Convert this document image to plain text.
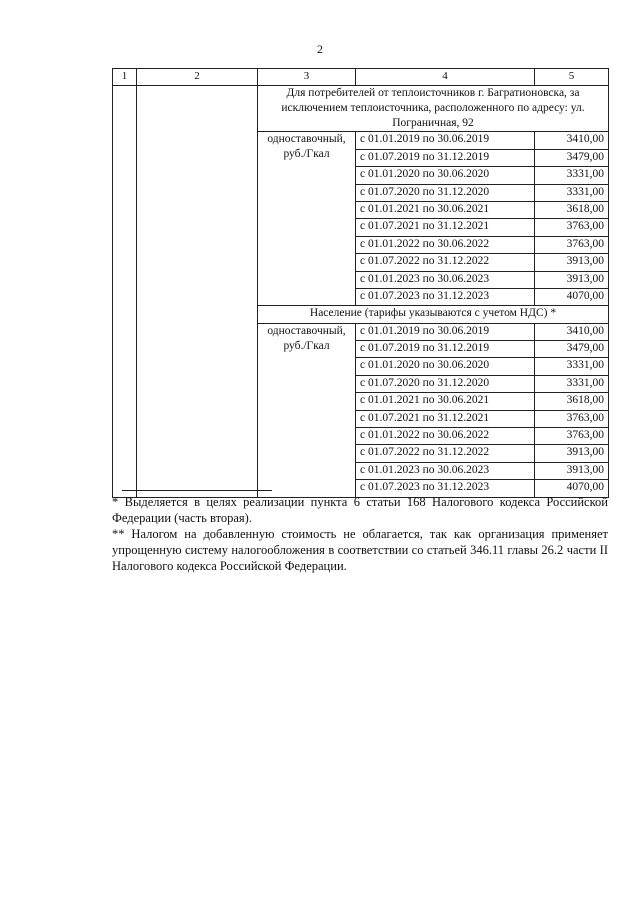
2
1	2	3	4	5
		Для потребителей от теплоисточников г. Багратионовска, за исключением теплоисточника, расположенного по адресу: ул. Пограничная, 92		
		одноставочный, руб./Гкал	с 01.01.2019 по 30.06.2019	3410,00
			с 01.07.2019 по 31.12.2019	3479,00
			с 01.01.2020 по 30.06.2020	3331,00
			с 01.07.2020 по 31.12.2020	3331,00
			с 01.01.2021 по 30.06.2021	3618,00
			с 01.07.2021 по 31.12.2021	3763,00
			с 01.01.2022 по 30.06.2022	3763,00
			с 01.07.2022 по 31.12.2022	3913,00
			с 01.01.2023 по 30.06.2023	3913,00
			с 01.07.2023 по 31.12.2023	4070,00
		Население (тарифы указываются с учетом НДС) *		
		одноставочный, руб./Гкал	с 01.01.2019 по 30.06.2019	3410,00
			с 01.07.2019 по 31.12.2019	3479,00
			с 01.01.2020 по 30.06.2020	3331,00
			с 01.07.2020 по 31.12.2020	3331,00
			с 01.01.2021 по 30.06.2021	3618,00
			с 01.07.2021 по 31.12.2021	3763,00
			с 01.01.2022 по 30.06.2022	3763,00
			с 01.07.2022 по 31.12.2022	3913,00
			с 01.01.2023 по 30.06.2023	3913,00
			с 01.07.2023 по 31.12.2023	4070,00

* Выделяется в целях реализации пункта 6 статьи 168 Налогового кодекса Российской Федерации (часть вторая).

** Налогом на добавленную стоимость не облагается, так как организация применяет упрощенную систему налогообложения в соответствии со статьей 346.11 главы 26.2 части II Налогового кодекса Российской Федерации.
